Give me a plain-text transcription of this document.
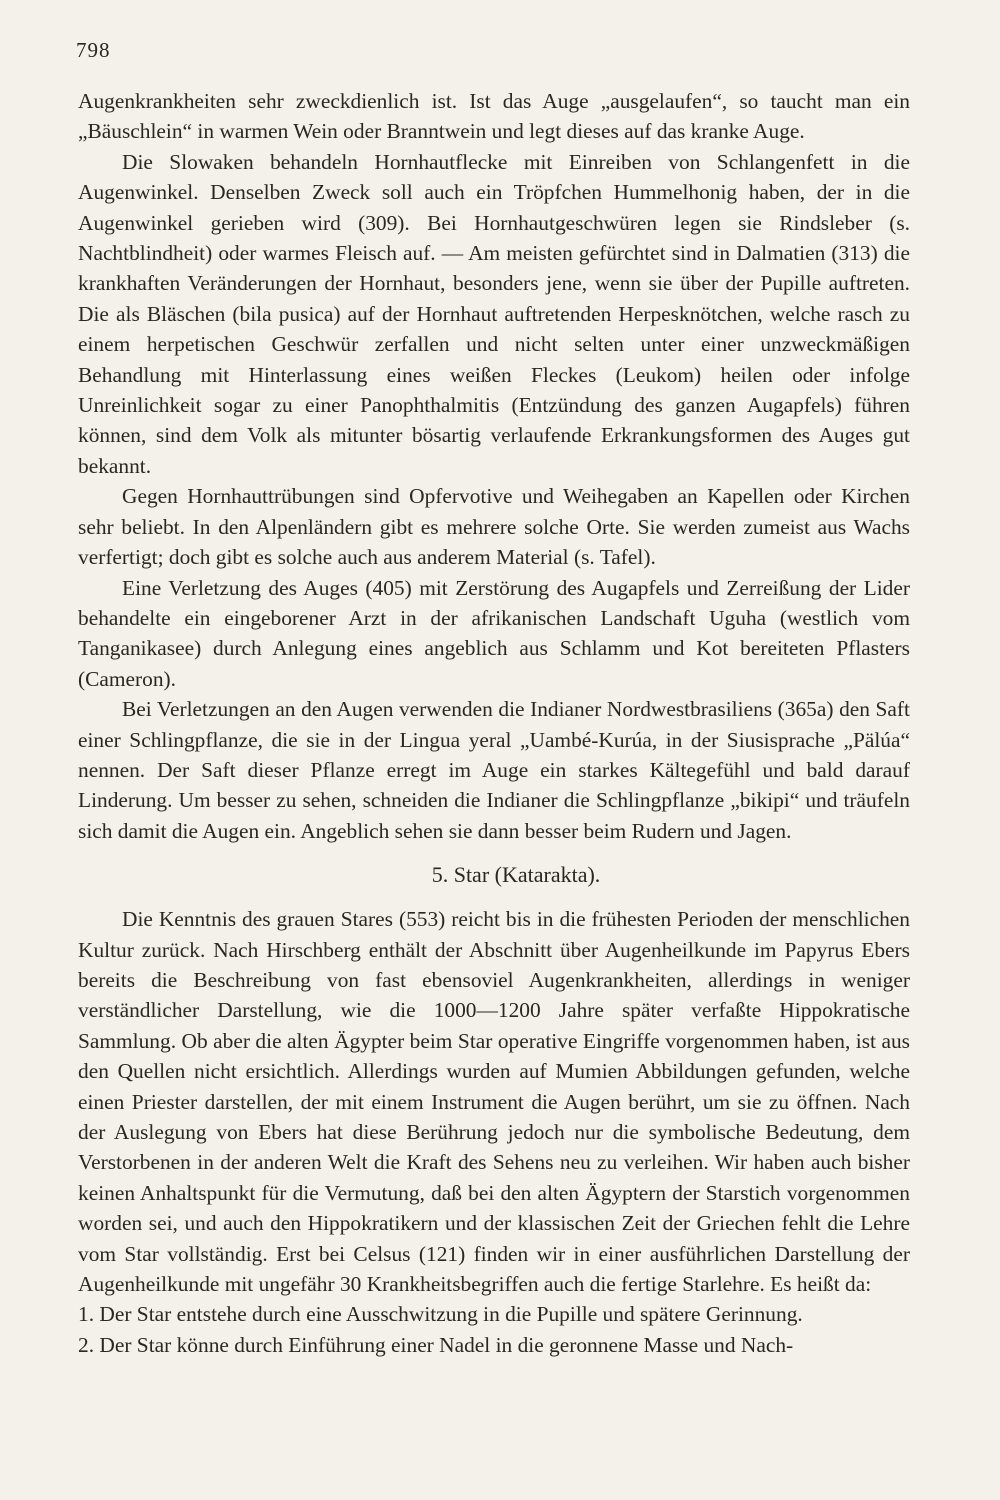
798

Augenkrankheiten sehr zweckdienlich ist. Ist das Auge „ausgelaufen“, so taucht man ein „Bäuschlein“ in warmen Wein oder Branntwein und legt dieses auf das kranke Auge.

Die Slowaken behandeln Hornhautflecke mit Einreiben von Schlangenfett in die Augenwinkel. Denselben Zweck soll auch ein Tröpfchen Hummelhonig haben, der in die Augenwinkel gerieben wird (309). Bei Hornhautgeschwüren legen sie Rindsleber (s. Nachtblindheit) oder warmes Fleisch auf. — Am meisten gefürchtet sind in Dalmatien (313) die krankhaften Veränderungen der Hornhaut, besonders jene, wenn sie über der Pupille auftreten. Die als Bläschen (bila pusica) auf der Hornhaut auftretenden Herpesknötchen, welche rasch zu einem herpetischen Geschwür zerfallen und nicht selten unter einer unzweckmäßigen Behandlung mit Hinterlassung eines weißen Fleckes (Leukom) heilen oder infolge Unreinlichkeit sogar zu einer Panophthalmitis (Entzündung des ganzen Augapfels) führen können, sind dem Volk als mitunter bösartig verlaufende Erkrankungsformen des Auges gut bekannt.

Gegen Hornhauttrübungen sind Opfervotive und Weihegaben an Kapellen oder Kirchen sehr beliebt. In den Alpenländern gibt es mehrere solche Orte. Sie werden zumeist aus Wachs verfertigt; doch gibt es solche auch aus anderem Material (s. Tafel).

Eine Verletzung des Auges (405) mit Zerstörung des Augapfels und Zerreißung der Lider behandelte ein eingeborener Arzt in der afrikanischen Landschaft Uguha (westlich vom Tanganikasee) durch Anlegung eines angeblich aus Schlamm und Kot bereiteten Pflasters (Cameron).

Bei Verletzungen an den Augen verwenden die Indianer Nordwestbrasiliens (365a) den Saft einer Schlingpflanze, die sie in der Lingua yeral „Uambé-Kurúa, in der Siusisprache „Pälúa“ nennen. Der Saft dieser Pflanze erregt im Auge ein starkes Kältegefühl und bald darauf Linderung. Um besser zu sehen, schneiden die Indianer die Schlingpflanze „bikipi“ und träufeln sich damit die Augen ein. Angeblich sehen sie dann besser beim Rudern und Jagen.

5. Star (Katarakta).

Die Kenntnis des grauen Stares (553) reicht bis in die frühesten Perioden der menschlichen Kultur zurück. Nach Hirschberg enthält der Abschnitt über Augenheilkunde im Papyrus Ebers bereits die Beschreibung von fast ebensoviel Augenkrankheiten, allerdings in weniger verständlicher Darstellung, wie die 1000—1200 Jahre später verfaßte Hippokratische Sammlung. Ob aber die alten Ägypter beim Star operative Eingriffe vorgenommen haben, ist aus den Quellen nicht ersichtlich. Allerdings wurden auf Mumien Abbildungen gefunden, welche einen Priester darstellen, der mit einem Instrument die Augen berührt, um sie zu öffnen. Nach der Auslegung von Ebers hat diese Berührung jedoch nur die symbolische Bedeutung, dem Verstorbenen in der anderen Welt die Kraft des Sehens neu zu verleihen. Wir haben auch bisher keinen Anhaltspunkt für die Vermutung, daß bei den alten Ägyptern der Starstich vorgenommen worden sei, und auch den Hippokratikern und der klassischen Zeit der Griechen fehlt die Lehre vom Star vollständig. Erst bei Celsus (121) finden wir in einer ausführlichen Darstellung der Augenheilkunde mit ungefähr 30 Krankheitsbegriffen auch die fertige Starlehre. Es heißt da:

1. Der Star entstehe durch eine Ausschwitzung in die Pupille und spätere Gerinnung.
2. Der Star könne durch Einführung einer Nadel in die geronnene Masse und Nach-
